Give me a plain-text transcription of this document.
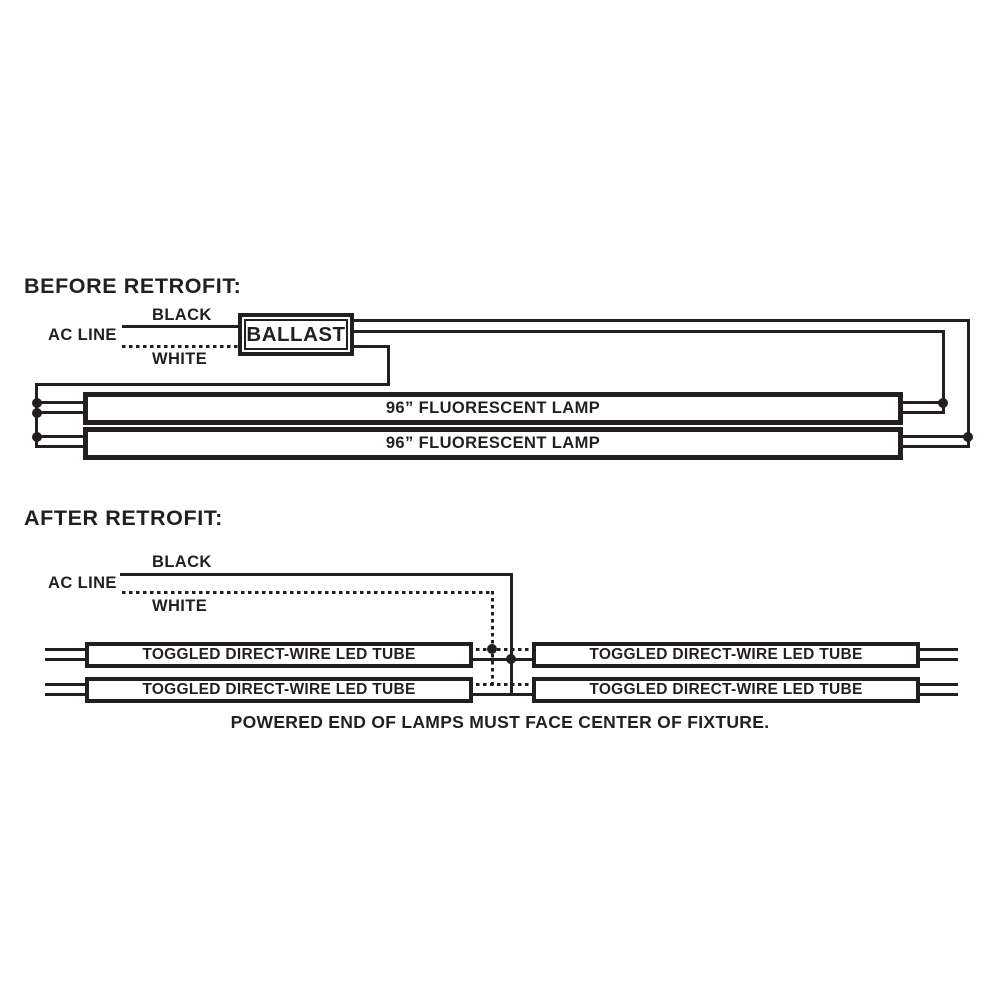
BEFORE RETROFIT:
BLACK
AC LINE
WHITE
BALLAST
96” FLUORESCENT LAMP
96” FLUORESCENT LAMP
AFTER RETROFIT:
BLACK
AC LINE
WHITE
TOGGLED DIRECT-WIRE LED TUBE
TOGGLED DIRECT-WIRE LED TUBE
TOGGLED DIRECT-WIRE LED TUBE
TOGGLED DIRECT-WIRE LED TUBE
POWERED END OF LAMPS MUST FACE CENTER OF FIXTURE.
